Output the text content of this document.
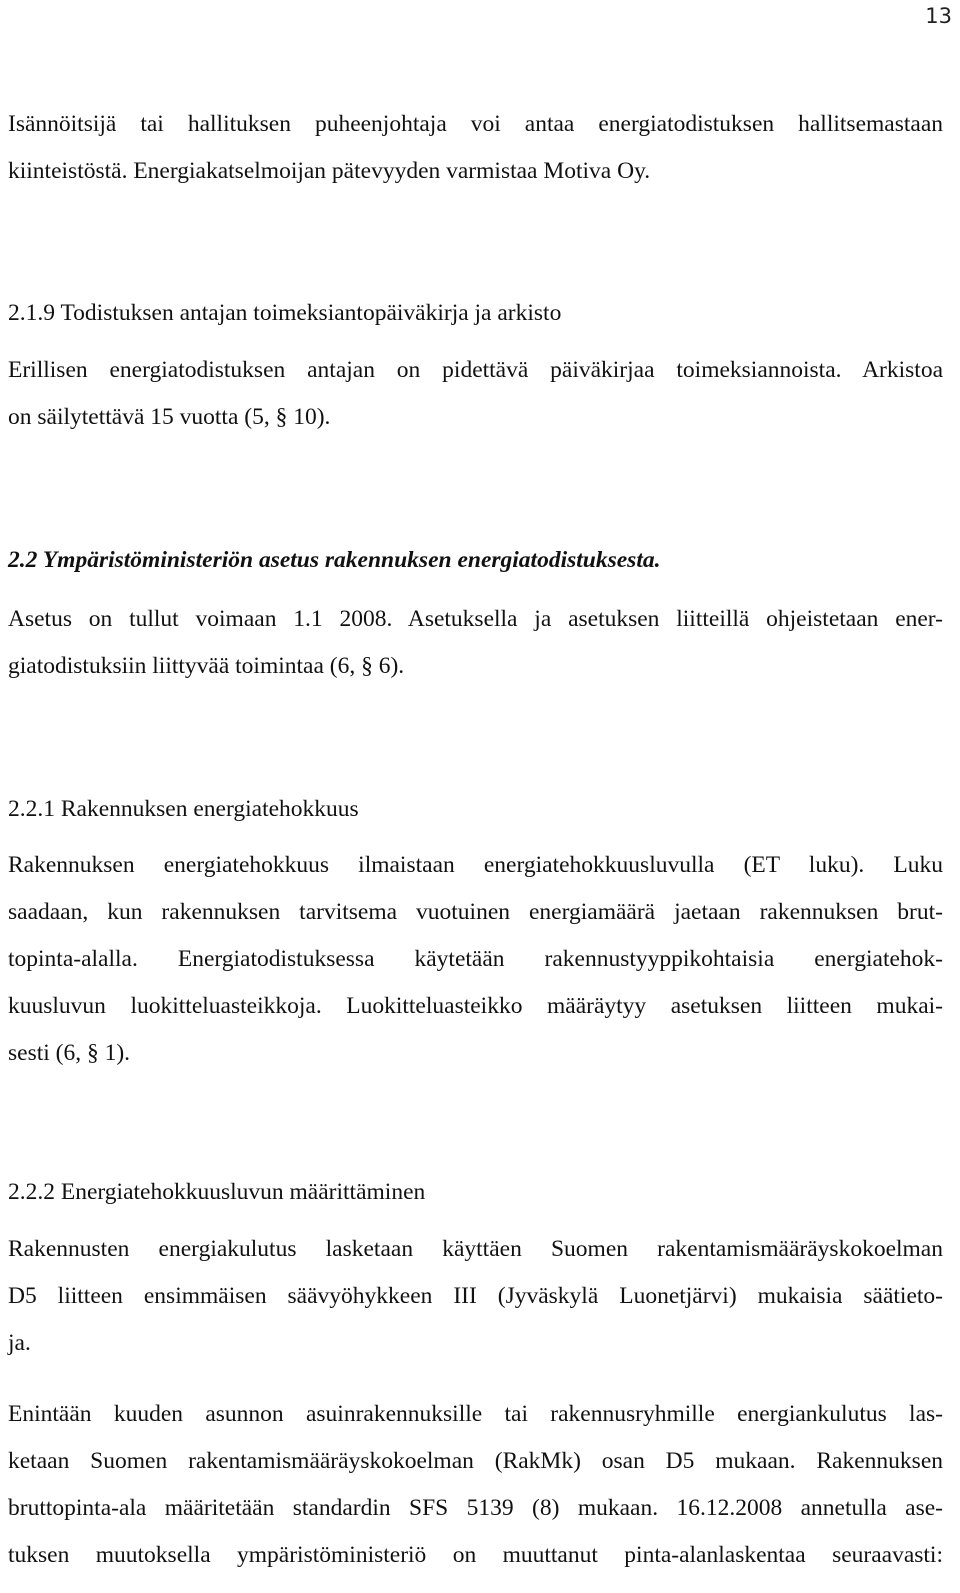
13

Isännöitsijä tai hallituksen puheenjohtaja voi antaa energiatodistuksen hallitsemastaan
kiinteistöstä. Energiakatselmoijan pätevyyden varmistaa Motiva Oy.

2.1.9 Todistuksen antajan toimeksiantopäiväkirja ja arkisto

Erillisen energiatodistuksen antajan on pidettävä päiväkirjaa toimeksiannoista. Arkistoa
on säilytettävä 15 vuotta (5, § 10).

2.2 Ympäristöministeriön asetus rakennuksen energiatodistuksesta.

Asetus on tullut voimaan 1.1 2008. Asetuksella ja asetuksen liitteillä ohjeistetaan ener-
giatodistuksiin liittyvää toimintaa (6, § 6).

2.2.1 Rakennuksen energiatehokkuus

Rakennuksen energiatehokkuus ilmaistaan energiatehokkuusluvulla (ET luku). Luku
saadaan, kun rakennuksen tarvitsema vuotuinen energiamäärä jaetaan rakennuksen brut-
topinta-alalla. Energiatodistuksessa käytetään rakennustyyppikohtaisia energiatehok-
kuusluvun luokitteluasteikkoja. Luokitteluasteikko määräytyy asetuksen liitteen mukai-
sesti (6, § 1).

2.2.2 Energiatehokkuusluvun määrittäminen

Rakennusten energiakulutus lasketaan käyttäen Suomen rakentamismääräyskokoelman
D5 liitteen ensimmäisen säävyöhykkeen III (Jyväskylä Luonetjärvi) mukaisia säätieto-
ja.

Enintään kuuden asunnon asuinrakennuksille tai rakennusryhmille energiankulutus las-
ketaan Suomen rakentamismääräyskokoelman (RakMk) osan D5 mukaan. Rakennuksen
bruttopinta-ala määritetään standardin SFS 5139 (8) mukaan. 16.12.2008 annetulla ase-
tuksen muutoksella ympäristöministeriö on muuttanut pinta-alanlaskentaa seuraavasti:
